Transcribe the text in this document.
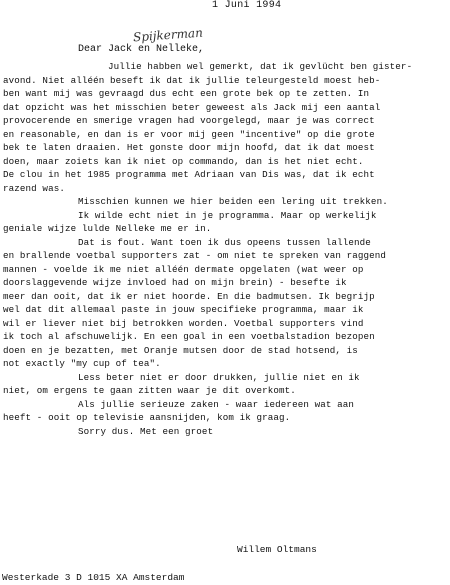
1 Juni 1994
Spijkerman
Dear Jack en Nelleke,
Jullie habben wel gemerkt, dat ik gevlücht ben gister-
avond. Niet alléén beseft ik dat ik jullie teleurgesteld moest heb-
ben want mij was gevraagd dus echt een grote bek op te zetten. In
dat opzicht was het misschien beter geweest als Jack mij een aantal
provocerende en smerige vragen had voorgelegd, maar je was correct
en reasonable, en dan is er voor mij geen "incentive" op die grote
bek te laten draaien. Het gonste door mijn hoofd, dat ik dat moest
doen, maar zoiets kan ik niet op commando, dan is het niet echt.
De clou in het 1985 programma met Adriaan van Dis was, dat ik echt
razend was.
Misschien kunnen we hier beiden een lering uit trekken.
Ik wilde echt niet in je programma. Maar op werkelijk
geniale wijze lulde Nelleke me er in.
Dat is fout. Want toen ik dus opeens tussen lallende
en brallende voetbal supporters zat - om niet te spreken van raggend
mannen - voelde ik me niet alléén dermate opgelaten (wat weer op
doorslaggevende wijze invloed had on mijn brein) - besefte ik
meer dan ooit, dat ik er niet hoorde. En die badmutsen. Ik begrijp
wel dat dit allemaal paste in jouw specifieke programma, maar ik
wil er liever niet bij betrokken worden. Voetbal supporters vind
ik toch al afschuwelijk. En een goal in een voetbalstadion bezopen
doen en je bezatten, met Oranje mutsen door de stad hotsend, is
not exactly "my cup of tea".
Less beter niet er door drukken, jullie niet en ik
niet, om ergens te gaan zitten waar je dit overkomt.
Als jullie serieuze zaken - waar iedereen wat aan
heeft - ooit op televisie aansnijden, kom ik graag.
Sorry dus. Met een groet
Willem Oltmans
Westerkade 3 D 1015 XA Amsterdam
